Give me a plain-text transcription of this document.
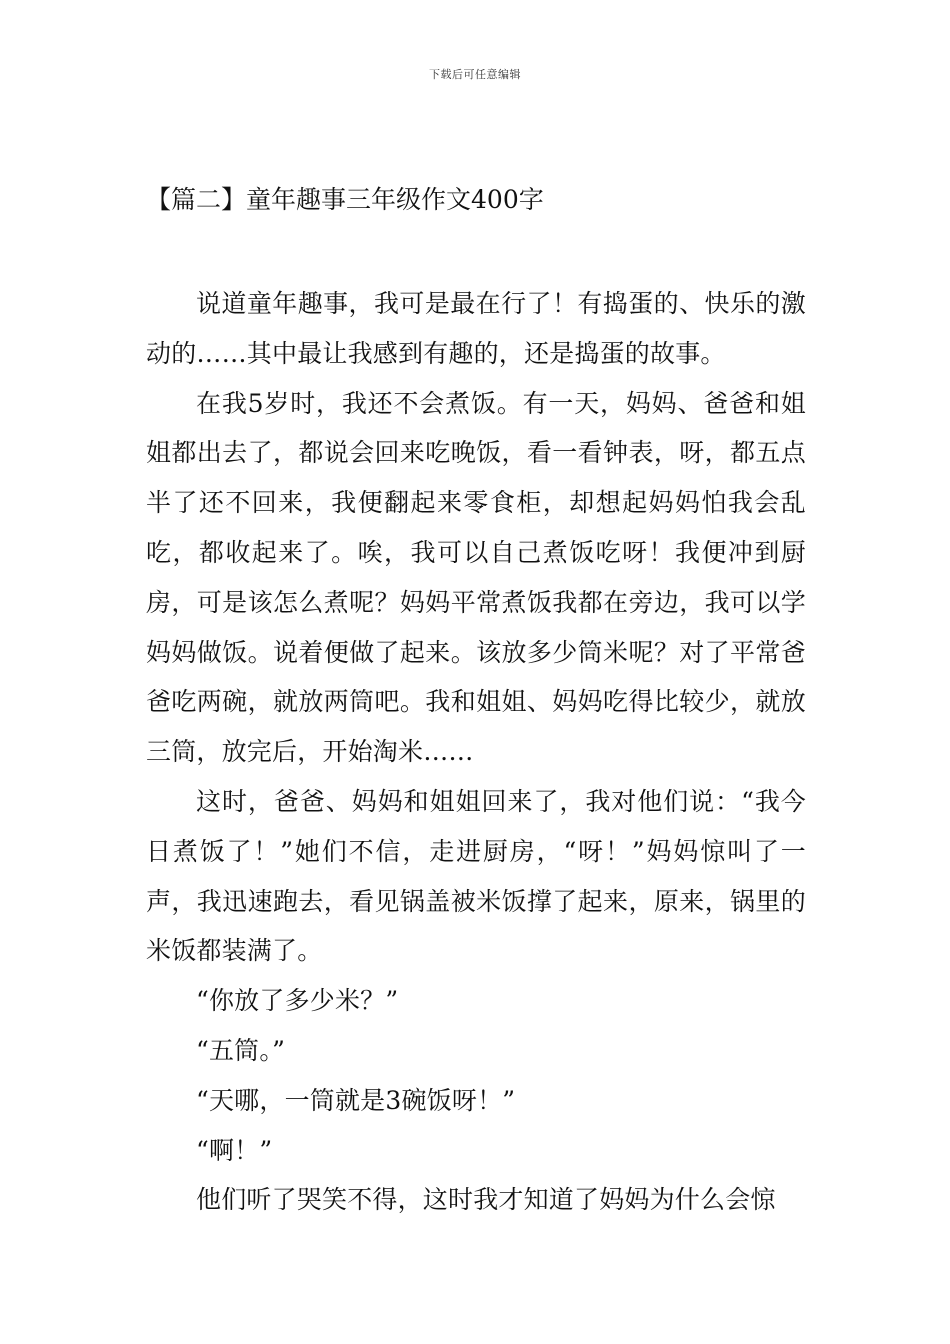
下载后可任意编辑
【篇二】童年趣事三年级作文400字

说道童年趣事，我可是最在行了！有捣蛋的、快乐的激动的……其中最让我感到有趣的，还是捣蛋的故事。

在我5岁时，我还不会煮饭。有一天，妈妈、爸爸和姐姐都出去了，都说会回来吃晚饭，看一看钟表，呀，都五点半了还不回来，我便翻起来零食柜，却想起妈妈怕我会乱吃，都收起来了。唉，我可以自己煮饭吃呀！我便冲到厨房，可是该怎么煮呢？妈妈平常煮饭我都在旁边，我可以学妈妈做饭。说着便做了起来。该放多少筒米呢？对了平常爸爸吃两碗，就放两筒吧。我和姐姐、妈妈吃得比较少，就放三筒，放完后，开始淘米……

这时，爸爸、妈妈和姐姐回来了，我对他们说：“我今日煮饭了！”她们不信，走进厨房，“呀！”妈妈惊叫了一声，我迅速跑去，看见锅盖被米饭撑了起来，原来，锅里的米饭都装满了。

“你放了多少米？”

“五筒。”

“天哪，一筒就是3碗饭呀！”

“啊！”

他们听了哭笑不得，这时我才知道了妈妈为什么会惊
